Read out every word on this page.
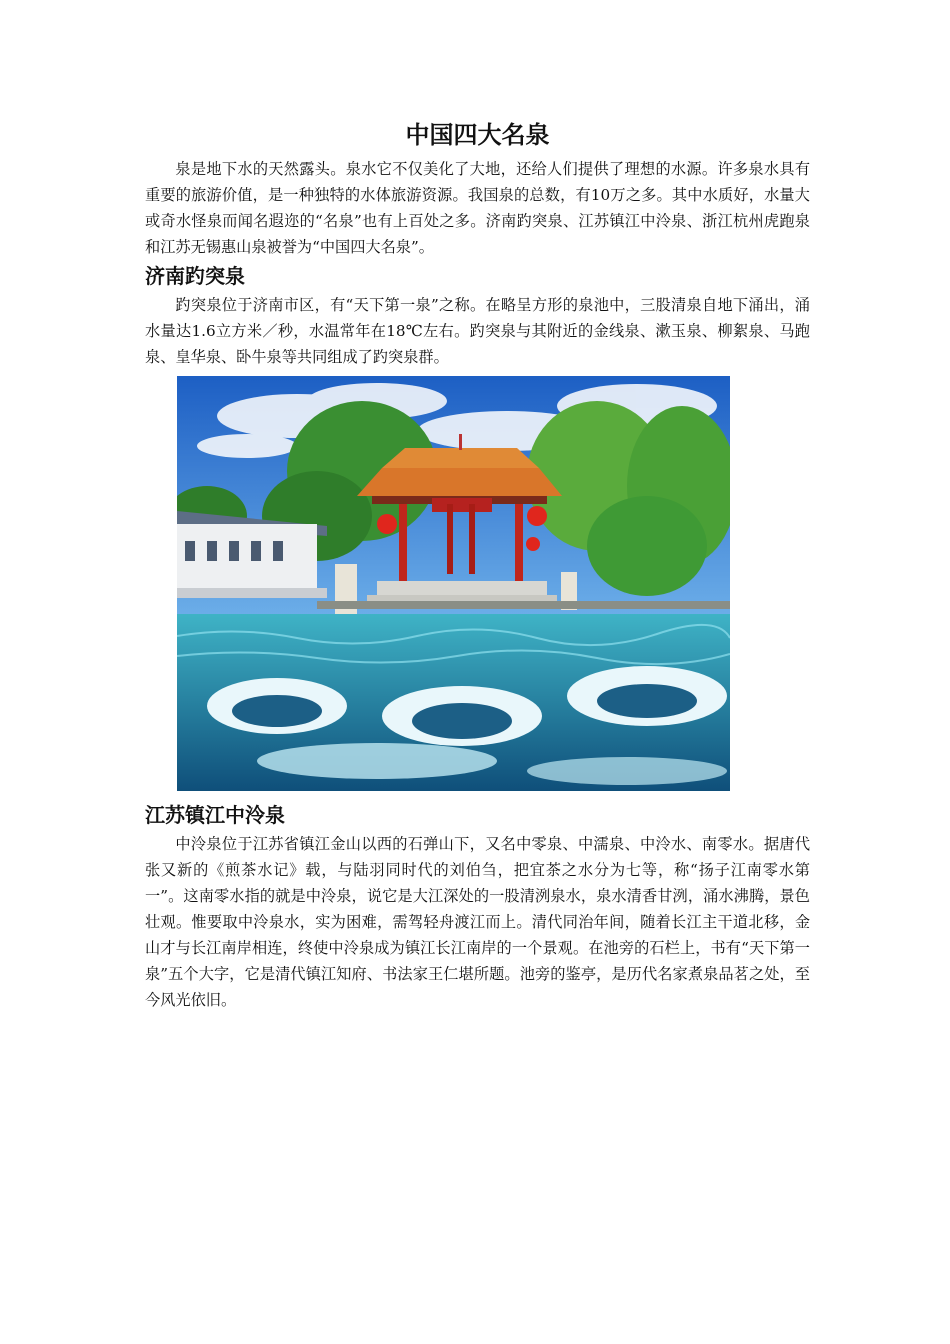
中国四大名泉

泉是地下水的天然露头。泉水它不仅美化了大地，还给人们提供了理想的水源。许多泉水具有重要的旅游价值，是一种独特的水体旅游资源。我国泉的总数，有10万之多。其中水质好，水量大或奇水怪泉而闻名遐迩的“名泉”也有上百处之多。济南趵突泉、江苏镇江中泠泉、浙江杭州虎跑泉和江苏无锡惠山泉被誉为“中国四大名泉”。

济南趵突泉

趵突泉位于济南市区，有“天下第一泉”之称。在略呈方形的泉池中，三股清泉自地下涌出，涌水量达1.6立方米／秒，水温常年在18℃左右。趵突泉与其附近的金线泉、漱玉泉、柳絮泉、马跑泉、皇华泉、卧牛泉等共同组成了趵突泉群。

江苏镇江中泠泉

中泠泉位于江苏省镇江金山以西的石弹山下，又名中零泉、中濡泉、中泠水、南零水。据唐代张又新的《煎茶水记》载，与陆羽同时代的刘伯刍，把宜茶之水分为七等，称“扬子江南零水第一”。这南零水指的就是中泠泉，说它是大江深处的一股清洌泉水，泉水清香甘洌，涌水沸腾，景色壮观。惟要取中泠泉水，实为困难，需驾轻舟渡江而上。清代同治年间，随着长江主干道北移，金山才与长江南岸相连，终使中泠泉成为镇江长江南岸的一个景观。在池旁的石栏上，书有“天下第一泉”五个大字，它是清代镇江知府、书法家王仁堪所题。池旁的鉴亭，是历代名家煮泉品茗之处，至今风光依旧。
